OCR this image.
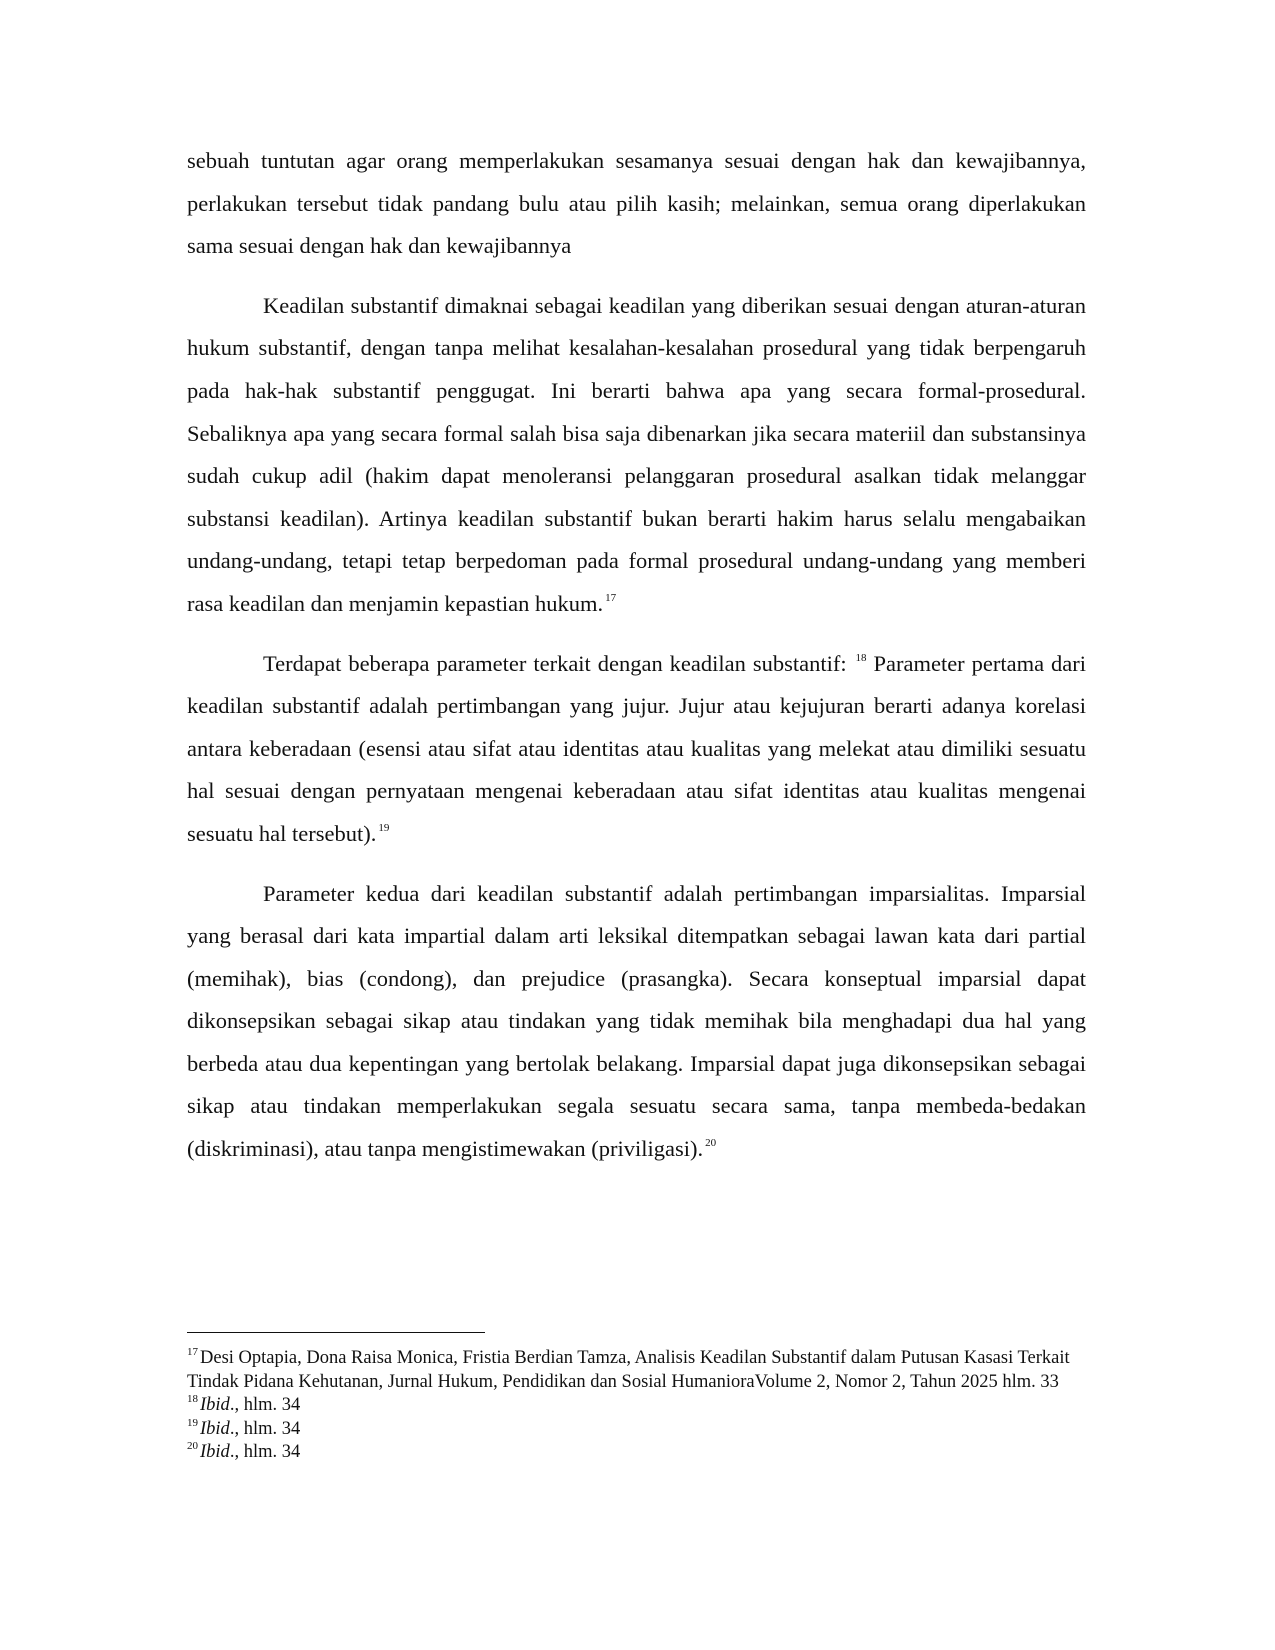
sebuah tuntutan agar orang memperlakukan sesamanya sesuai dengan hak dan kewajibannya, perlakukan tersebut tidak pandang bulu atau pilih kasih; melainkan, semua orang diperlakukan sama sesuai dengan hak dan kewajibannya

Keadilan substantif dimaknai sebagai keadilan yang diberikan sesuai dengan aturan-aturan hukum substantif, dengan tanpa melihat kesalahan-kesalahan prosedural yang tidak berpengaruh pada hak-hak substantif penggugat. Ini berarti bahwa apa yang secara formal-prosedural. Sebaliknya apa yang secara formal salah bisa saja dibenarkan jika secara materiil dan substansinya sudah cukup adil (hakim dapat menoleransi pelanggaran prosedural asalkan tidak melanggar substansi keadilan). Artinya keadilan substantif bukan berarti hakim harus selalu mengabaikan undang-undang, tetapi tetap berpedoman pada formal prosedural undang-undang yang memberi rasa keadilan dan menjamin kepastian hukum. $^{17}$

Terdapat beberapa parameter terkait dengan keadilan substantif: $^{18}$ Parameter pertama dari keadilan substantif adalah pertimbangan yang jujur. Jujur atau kejujuran berarti adanya korelasi antara keberadaan (esensi atau sifat atau identitas atau kualitas yang melekat atau dimiliki sesuatu hal sesuai dengan pernyataan mengenai keberadaan atau sifat identitas atau kualitas mengenai sesuatu hal tersebut). $^{19}$

Parameter kedua dari keadilan substantif adalah pertimbangan imparsialitas. Imparsial yang berasal dari kata impartial dalam arti leksikal ditempatkan sebagai lawan kata dari partial (memihak), bias (condong), dan prejudice (prasangka). Secara konseptual imparsial dapat dikonsepsikan sebagai sikap atau tindakan yang tidak memihak bila menghadapi dua hal yang berbeda atau dua kepentingan yang bertolak belakang. Imparsial dapat juga dikonsepsikan sebagai sikap atau tindakan memperlakukan segala sesuatu secara sama, tanpa membeda-bedakan (diskriminasi), atau tanpa mengistimewakan (priviligasi). $^{20}$

$^{17}$ Desi Optapia, Dona Raisa Monica, Fristia Berdian Tamza, Analisis Keadilan Substantif dalam Putusan Kasasi Terkait Tindak Pidana Kehutanan, Jurnal Hukum, Pendidikan dan Sosial HumanioraVolume 2, Nomor 2, Tahun 2025 hlm. 33

$^{18}$ Ibid., hlm. 34

$^{19}$ Ibid., hlm. 34

$^{20}$ Ibid., hlm. 34
